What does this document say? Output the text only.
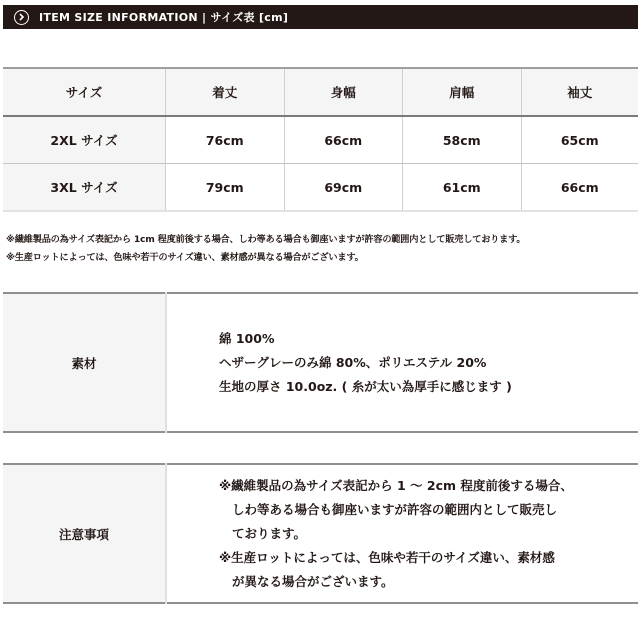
ITEM SIZE INFORMATION | サイズ表 [cm]
サイズ	着丈	身幅	肩幅	袖丈
2XL サイズ	76cm	66cm	58cm	65cm
3XL サイズ	79cm	69cm	61cm	66cm
※繊維製品の為サイズ表記から 1cm 程度前後する場合、しわ等ある場合も御座いますが許容の範囲内として販売しております。
※生産ロットによっては、色味や若干のサイズ違い、素材感が異なる場合がございます。
素材	
綿 100%
ヘザーグレーのみ綿 80%、ポリエステル 20%
生地の厚さ 10.0oz. ( 糸が太い為厚手に感じます )
注意事項	
※繊維製品の為サイズ表記から 1 ～ 2cm 程度前後する場合、
しわ等ある場合も御座いますが許容の範囲内として販売し
ております。
※生産ロットによっては、色味や若干のサイズ違い、素材感
が異なる場合がございます。
